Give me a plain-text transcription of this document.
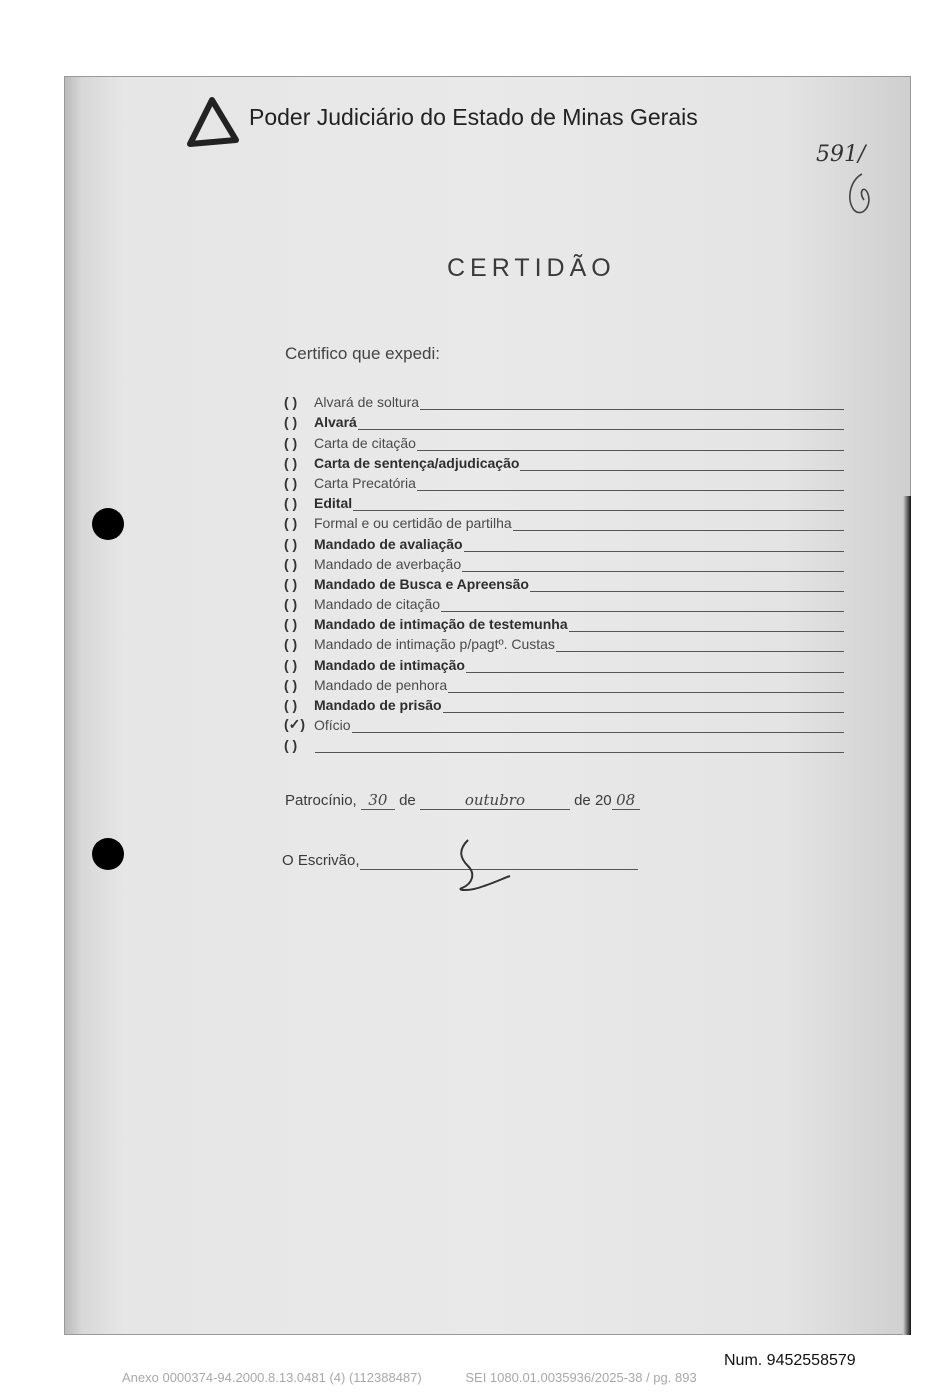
Poder Judiciário do Estado de Minas Gerais
591/
CERTIDÃO
Certifico que expedi:
( )	Alvará de soltura
( )	Alvará
( )	Carta de citação
( )	Carta de sentença/adjudicação
( )	Carta Precatória
( )	Edital
( )	Formal e ou certidão de partilha
( )	Mandado de avaliação
( )	Mandado de averbação
( )	Mandado de Busca e Apreensão
( )	Mandado de citação
( )	Mandado de intimação de testemunha
( )	Mandado de intimação p/pagtº. Custas
( )	Mandado de intimação
( )	Mandado de penhora
( )	Mandado de prisão
(✓) Ofício
( )
Patrocínio, 30 de	outubro	de 20 08
O Escrivão,
Num. 9452558579
Anexo 0000374-94.2000.8.13.0481 (4) (112388487)	SEI 1080.01.0035936/2025-38 / pg. 893
